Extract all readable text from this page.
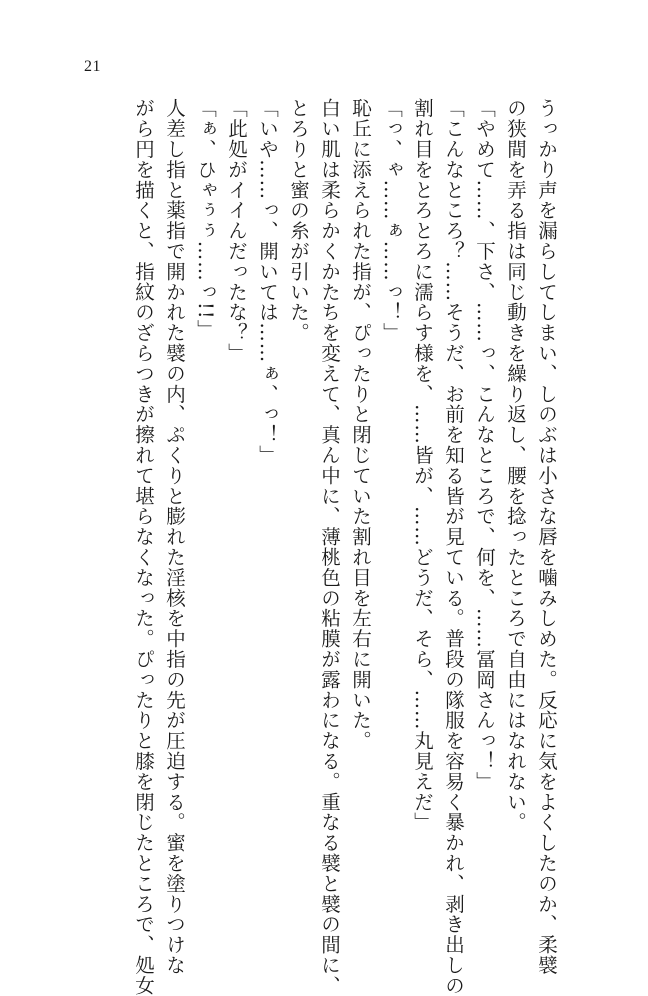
21
うっかり声を漏らしてしまい、しのぶは小さな唇を噛みしめた。反応に気をよくしたのか、柔襞
の狭間を弄る指は同じ動きを繰り返し、腰を捻ったところで自由にはなれない。
「やめて……、下さ、……っ、こんなところで、何を、……冨岡さんっ！」
「こんなところ？……そうだ、お前を知る皆が見ている。普段の隊服を容易く暴かれ、剥き出しの
割れ目をとろとろに濡らす様を、……皆が、……どうだ、そら、……丸見えだ」
「っ、ゃ……ぁ……っ！」
恥丘に添えられた指が、ぴったりと閉じていた割れ目を左右に開いた。
白い肌は柔らかくかたちを変えて、真ん中に、薄桃色の粘膜が露わになる。重なる襞と襞の間に、
とろりと蜜の糸が引いた。
「いや……っ、開いては……ぁ、っ！」
「此処がイイんだったな？」
「ぁ、ひゃぅぅ……っ!!」
人差し指と薬指で開かれた襞の内、ぷくりと膨れた淫核を中指の先が圧迫する。蜜を塗りつけな
がら円を描くと、指紋のざらつきが擦れて堪らなくなった。ぴったりと膝を閉じたところで、処女
